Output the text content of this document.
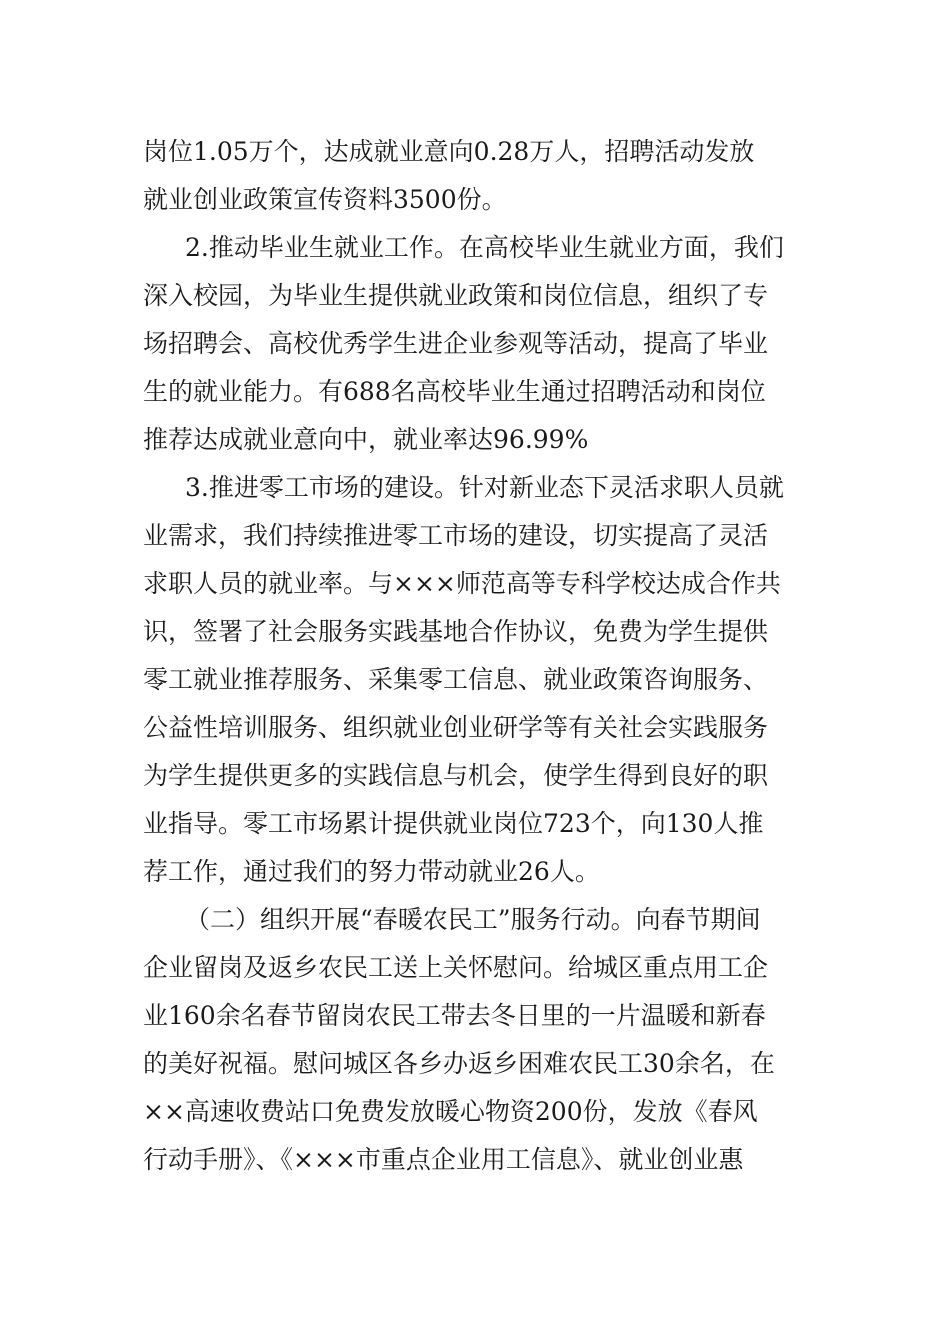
岗位1.05万个，达成就业意向0.28万人，招聘活动发放
就业创业政策宣传资料3500份。
2.推动毕业生就业工作。在高校毕业生就业方面，我们
深入校园，为毕业生提供就业政策和岗位信息，组织了专
场招聘会、高校优秀学生进企业参观等活动，提高了毕业
生的就业能力。有688名高校毕业生通过招聘活动和岗位
推荐达成就业意向中，就业率达96.99%
3.推进零工市场的建设。针对新业态下灵活求职人员就
业需求，我们持续推进零工市场的建设，切实提高了灵活
求职人员的就业率。与×××师范高等专科学校达成合作共
识，签署了社会服务实践基地合作协议，免费为学生提供
零工就业推荐服务、采集零工信息、就业政策咨询服务、
公益性培训服务、组织就业创业研学等有关社会实践服务
为学生提供更多的实践信息与机会，使学生得到良好的职
业指导。零工市场累计提供就业岗位723个，向130人推
荐工作，通过我们的努力带动就业26人。
（二）组织开展“春暖农民工”服务行动。向春节期间
企业留岗及返乡农民工送上关怀慰问。给城区重点用工企
业160余名春节留岗农民工带去冬日里的一片温暖和新春
的美好祝福。慰问城区各乡办返乡困难农民工30余名，在
××高速收费站口免费发放暖心物资200份，发放《春风
行动手册》、《×××市重点企业用工信息》、就业创业惠
